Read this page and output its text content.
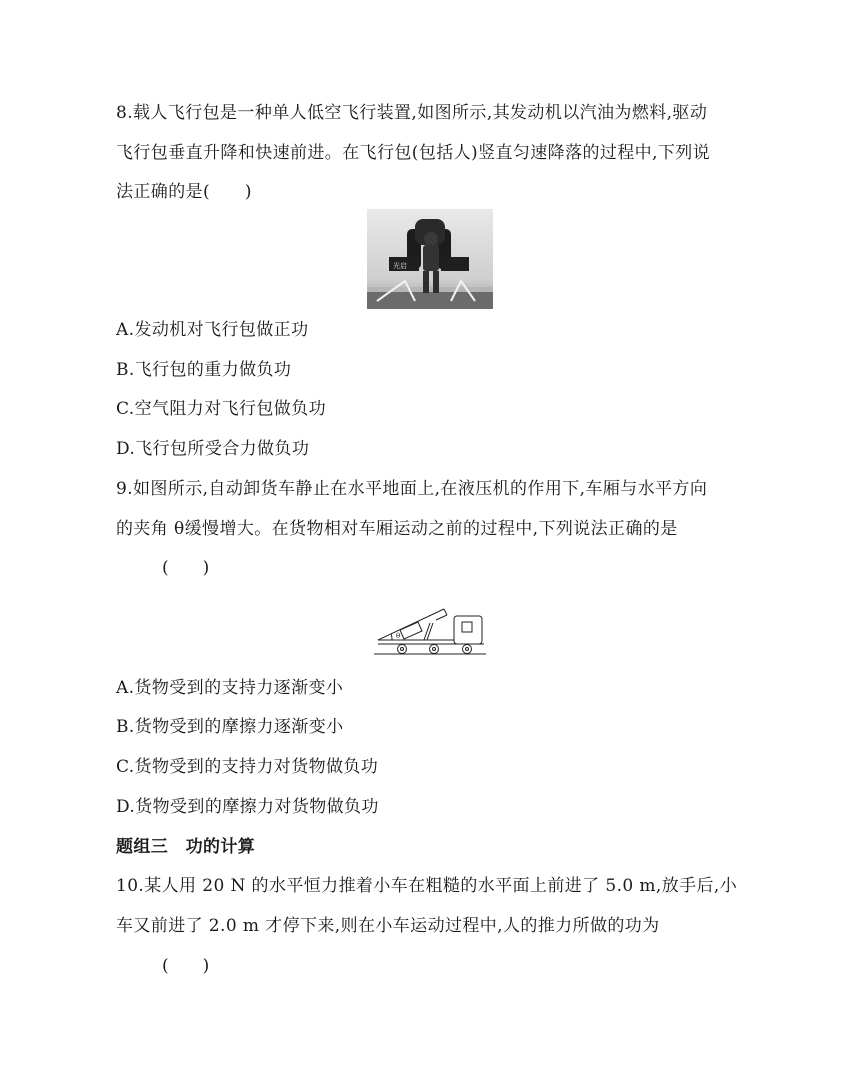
8.载人飞行包是一种单人低空飞行装置,如图所示,其发动机以汽油为燃料,驱动
飞行包垂直升降和快速前进。在飞行包(包括人)竖直匀速降落的过程中,下列说
法正确的是(　　)
光启
A.发动机对飞行包做正功
B.飞行包的重力做负功
C.空气阻力对飞行包做负功
D.飞行包所受合力做负功
9.如图所示,自动卸货车静止在水平地面上,在液压机的作用下,车厢与水平方向
的夹角 θ缓慢增大。在货物相对车厢运动之前的过程中,下列说法正确的是
(　　)
θ
A.货物受到的支持力逐渐变小
B.货物受到的摩擦力逐渐变小
C.货物受到的支持力对货物做负功
D.货物受到的摩擦力对货物做负功
题组三　功的计算
10.某人用 20 N 的水平恒力推着小车在粗糙的水平面上前进了 5.0 m,放手后,小
车又前进了 2.0 m 才停下来,则在小车运动过程中,人的推力所做的功为
(　　)
